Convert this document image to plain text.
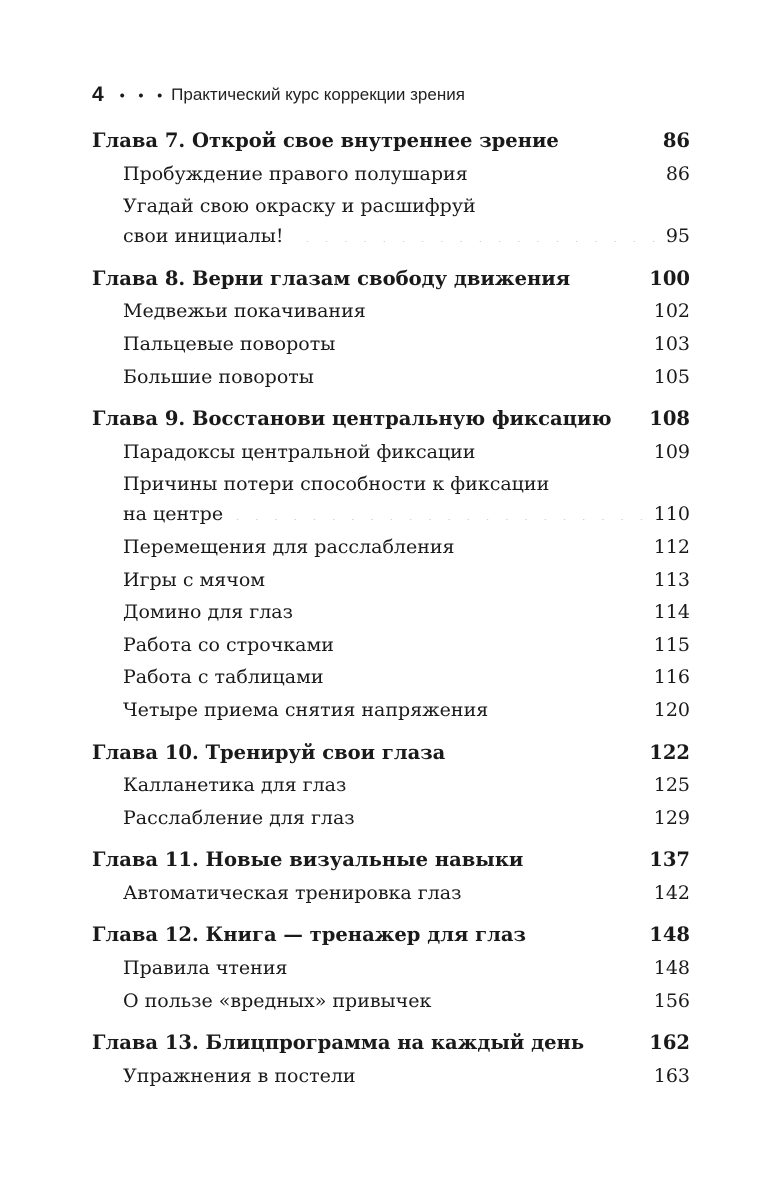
4 • • • Практический курс коррекции зрения
Глава 7. Открой свое внутреннее зрение . . .	86
Пробуждение правого полушария . . .	86
Угадай свою окраску и расшифруй
свои инициалы! . . .	95
Глава 8. Верни глазам свободу движения . . .	100
Медвежьи покачивания . . .	102
Пальцевые повороты . . .	103
Большие повороты . . .	105
Глава 9. Восстанови центральную фиксацию . . . 108
Парадоксы центральной фиксации . . .	109
Причины потери способности к фиксации
на центре . . .	110
Перемещения для расслабления . . .	112
Игры с мячом . . .	113
Домино для глаз . . .	114
Работа со строчками . . .	115
Работа с таблицами . . .	116
Четыре приема снятия напряжения . . .	120
Глава 10. Тренируй свои глаза . . .	122
Калланетика для глаз . . .	125
Расслабление для глаз . . .	129
Глава 11. Новые визуальные навыки . . .	137
Автоматическая тренировка глаз . . .	142
Глава 12. Книга — тренажер для глаз . . .	148
Правила чтения . . .	148
О пользе «вредных» привычек . . .	156
Глава 13. Блицпрограмма на каждый день . . .	162
Упражнения в постели . . .	163
